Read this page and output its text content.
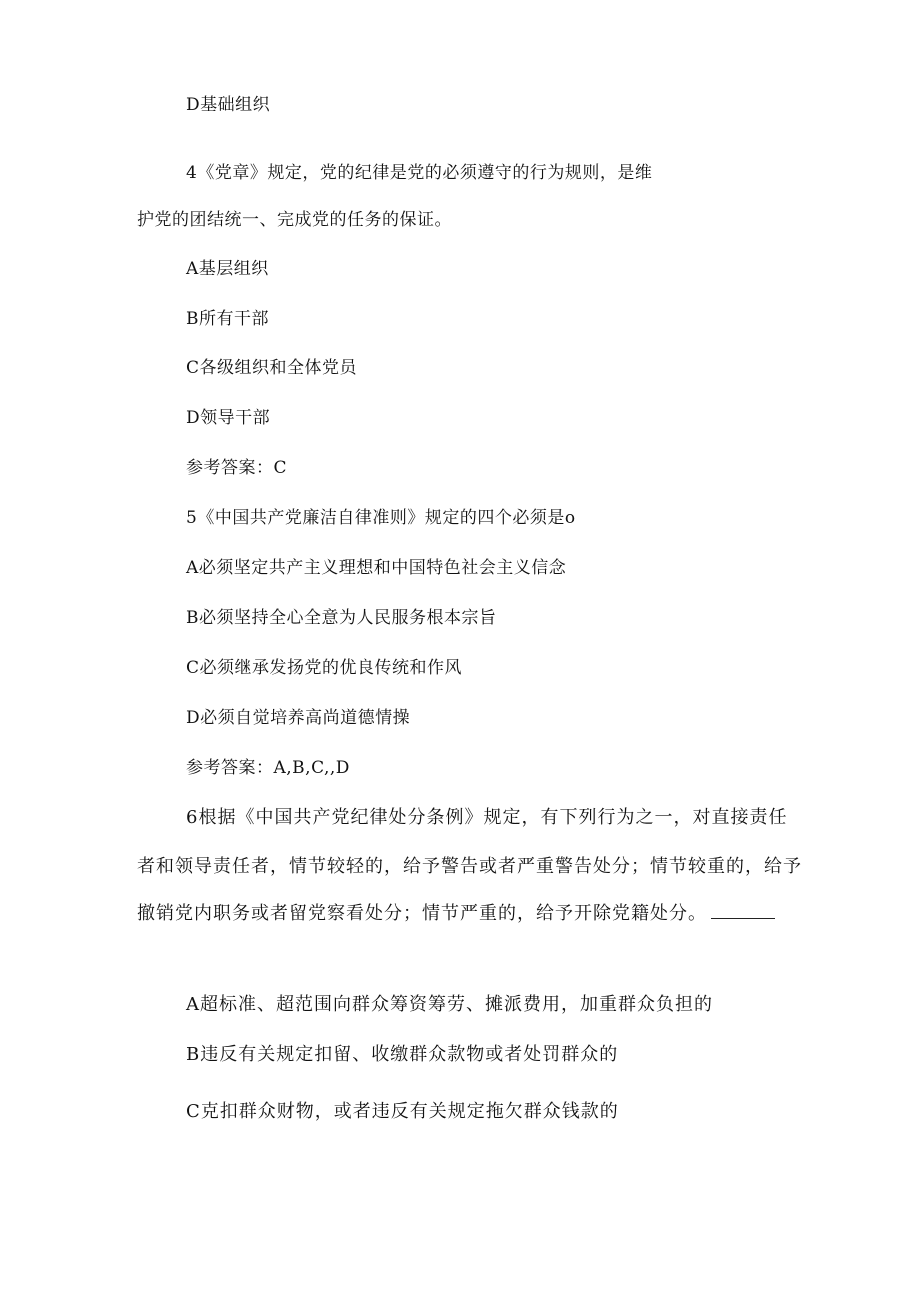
D基础组织
4《党章》规定，党的纪律是党的必须遵守的行为规则，是维
护党的团结统一、完成党的任务的保证。
A基层组织
B所有干部
C各级组织和全体党员
D领导干部
参考答案：C
5《中国共产党廉洁自律准则》规定的四个必须是o
A必须坚定共产主义理想和中国特色社会主义信念
B必须坚持全心全意为人民服务根本宗旨
C必须继承发扬党的优良传统和作风
D必须自觉培养高尚道德情操
参考答案：A,B,C,,D
6根据《中国共产党纪律处分条例》规定，有下列行为之一，对直接责任
者和领导责任者，情节较轻的，给予警告或者严重警告处分；情节较重的，给予
撤销党内职务或者留党察看处分；情节严重的，给予开除党籍处分。
A超标准、超范围向群众筹资筹劳、摊派费用，加重群众负担的
B违反有关规定扣留、收缴群众款物或者处罚群众的
C克扣群众财物，或者违反有关规定拖欠群众钱款的
